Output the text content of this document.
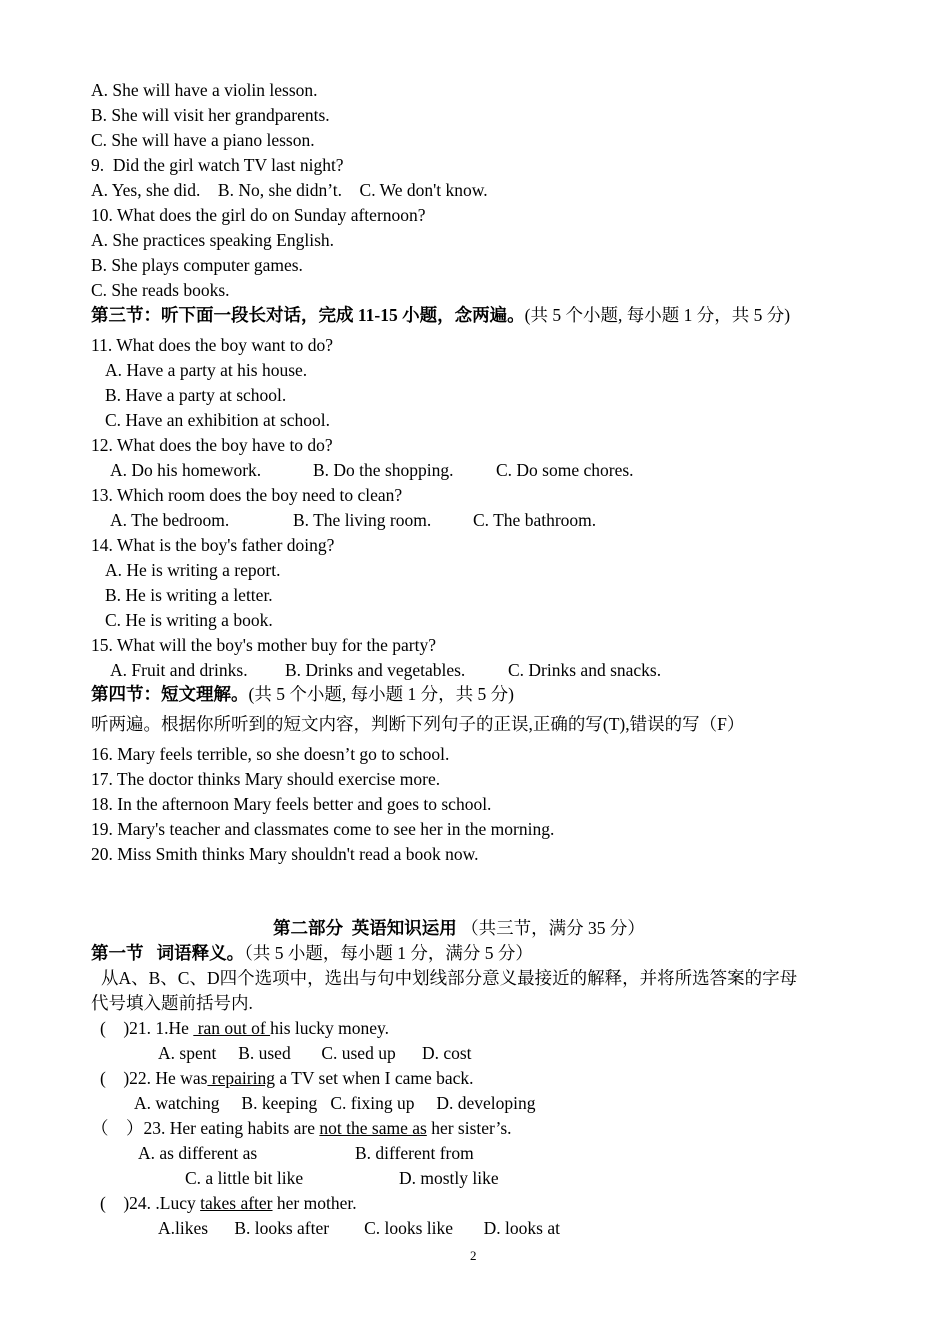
A. She will have a violin lesson.
B. She will visit her grandparents.
C. She will have a piano lesson.
9.  Did the girl watch TV last night?
A. Yes, she did.    B. No, she didn’t.    C. We don't know.
10. What does the girl do on Sunday afternoon?
A. She practices speaking English.
B. She plays computer games.
C. She reads books.
第三节：听下面一段长对话，完成 11-15 小题，念两遍。(共 5 个小题, 每小题 1 分，共 5 分)
11. What does the boy want to do?
A. Have a party at his house.
B. Have a party at school.
C. Have an exhibition at school.
12. What does the boy have to do?
A. Do his homework.	B. Do the shopping. C. Do some chores.
13. Which room does the boy need to clean?
A. The bedroom.	B. The living room. C. The bathroom.
14. What is the boy's father doing?
A. He is writing a report.
B. He is writing a letter.
C. He is writing a book.
15. What will the boy's mother buy for the party?
A. Fruit and drinks. B. Drinks and vegetables. C. Drinks and snacks.
第四节：短文理解。(共 5 个小题, 每小题 1 分，共 5 分)
听两遍。根据你所听到的短文内容，判断下列句子的正误,正确的写(T),错误的写（F）
16. Mary feels terrible, so she doesn’t go to school.
17. The doctor thinks Mary should exercise more.
18. In the afternoon Mary feels better and goes to school.
19. Mary's teacher and classmates come to see her in the morning.
20. Miss Smith thinks Mary shouldn't read a book now.
第二部分  英语知识运用 （共三节，满分 35 分）
第一节   词语释义。（共 5 小题，每小题 1 分，满分 5 分）
从A、B、C、D四个选项中，选出与句中划线部分意义最接近的解释，并将所选答案的字母
代号填入题前括号内.
(    )21. 1.He  ran out of his lucky money.
A. spent     B. used       C. used up      D. cost
(    )22. He was repairing a TV set when I came back.
A. watching     B. keeping   C. fixing up     D. developing
（    ）23. Her eating habits are not the same as her sister’s.
A. as different as	B. different from
C. a little bit like	D. mostly like
(    )24. .Lucy takes after her mother.
A.likes      B. looks after        C. looks like       D. looks at
2
